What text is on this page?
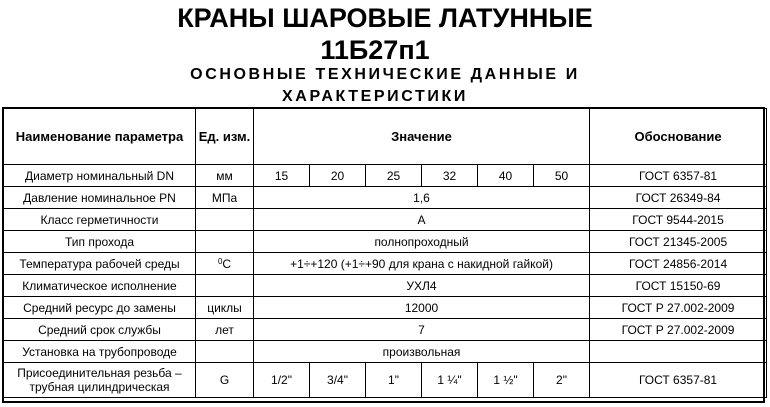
КРАНЫ ШАРОВЫЕ ЛАТУННЫЕ
11Б27п1
ОСНОВНЫЕ ТЕХНИЧЕСКИЕ ДАННЫЕ И
ХАРАКТЕРИСТИКИ
Наименование параметра	Ед. изм.	Значение						Обоснование
Диаметр номинальный DN	мм	15	20	25	32	40	50	ГОСТ 6357-81
Давление номинальное PN	МПа	1,6						ГОСТ 26349-84
Класс герметичности		А						ГОСТ 9544-2015
Тип прохода		полнопроходный						ГОСТ 21345-2005
Температура рабочей среды	$^0$С	+1÷+120 (+1÷+90 для крана с накидной гайкой)						ГОСТ 24856-2014
Климатическое исполнение		УХЛ4						ГОСТ 15150-69
Средний ресурс до замены	циклы	12000						ГОСТ Р 27.002-2009
Средний срок службы	лет	7						ГОСТ Р 27.002-2009
Установка на трубопроводе		произвольная						
Присоединительная резьба – трубная цилиндрическая	G	1/2"	3/4"	1"	1 ¼"	1 ½"	2"	ГОСТ 6357-81
